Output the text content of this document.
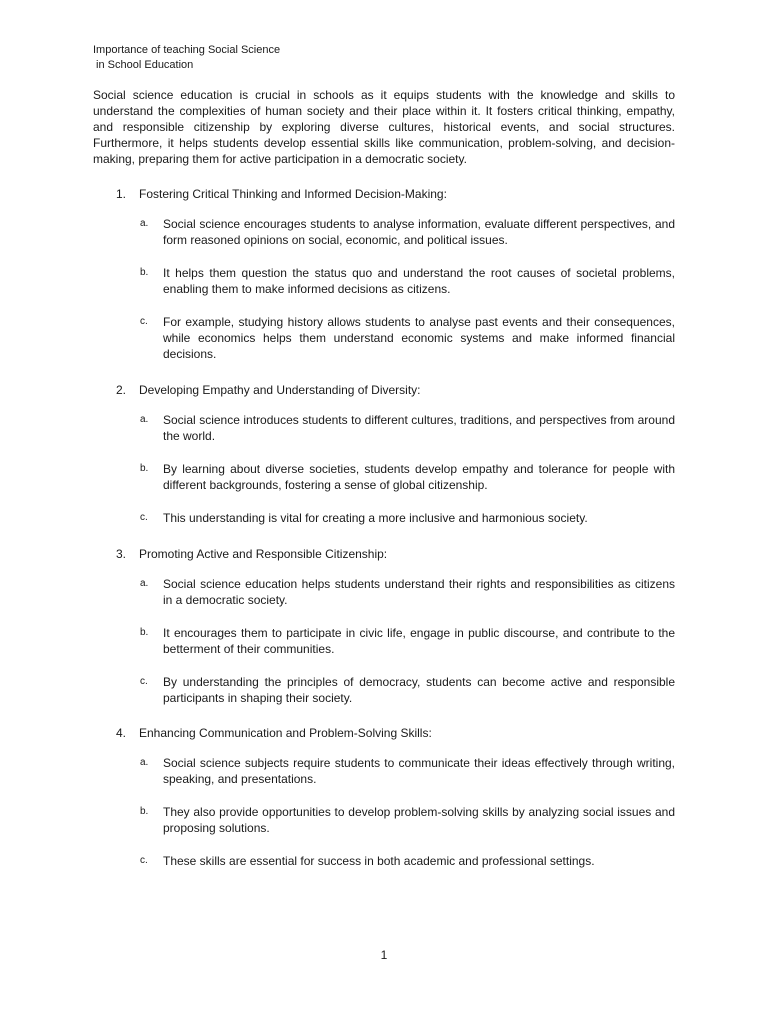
Importance of teaching Social Science
in School Education
Social science education is crucial in schools as it equips students with the knowledge and skills to understand the complexities of human society and their place within it. It fosters critical thinking, empathy, and responsible citizenship by exploring diverse cultures, historical events, and social structures. Furthermore, it helps students develop essential skills like communication, problem-solving, and decision-making, preparing them for active participation in a democratic society.
1.	Fostering Critical Thinking and Informed Decision-Making:
a.	Social science encourages students to analyse information, evaluate different perspectives, and form reasoned opinions on social, economic, and political issues.
b.	It helps them question the status quo and understand the root causes of societal problems, enabling them to make informed decisions as citizens.
c.	For example, studying history allows students to analyse past events and their consequences, while economics helps them understand economic systems and make informed financial decisions.
2.	Developing Empathy and Understanding of Diversity:
a.	Social science introduces students to different cultures, traditions, and perspectives from around the world.
b.	By learning about diverse societies, students develop empathy and tolerance for people with different backgrounds, fostering a sense of global citizenship.
c.	This understanding is vital for creating a more inclusive and harmonious society.
3.	Promoting Active and Responsible Citizenship:
a.	Social science education helps students understand their rights and responsibilities as citizens in a democratic society.
b.	It encourages them to participate in civic life, engage in public discourse, and contribute to the betterment of their communities.
c.	By understanding the principles of democracy, students can become active and responsible participants in shaping their society.
4.	Enhancing Communication and Problem-Solving Skills:
a.	Social science subjects require students to communicate their ideas effectively through writing, speaking, and presentations.
b.	They also provide opportunities to develop problem-solving skills by analyzing social issues and proposing solutions.
c.	These skills are essential for success in both academic and professional settings.
1
